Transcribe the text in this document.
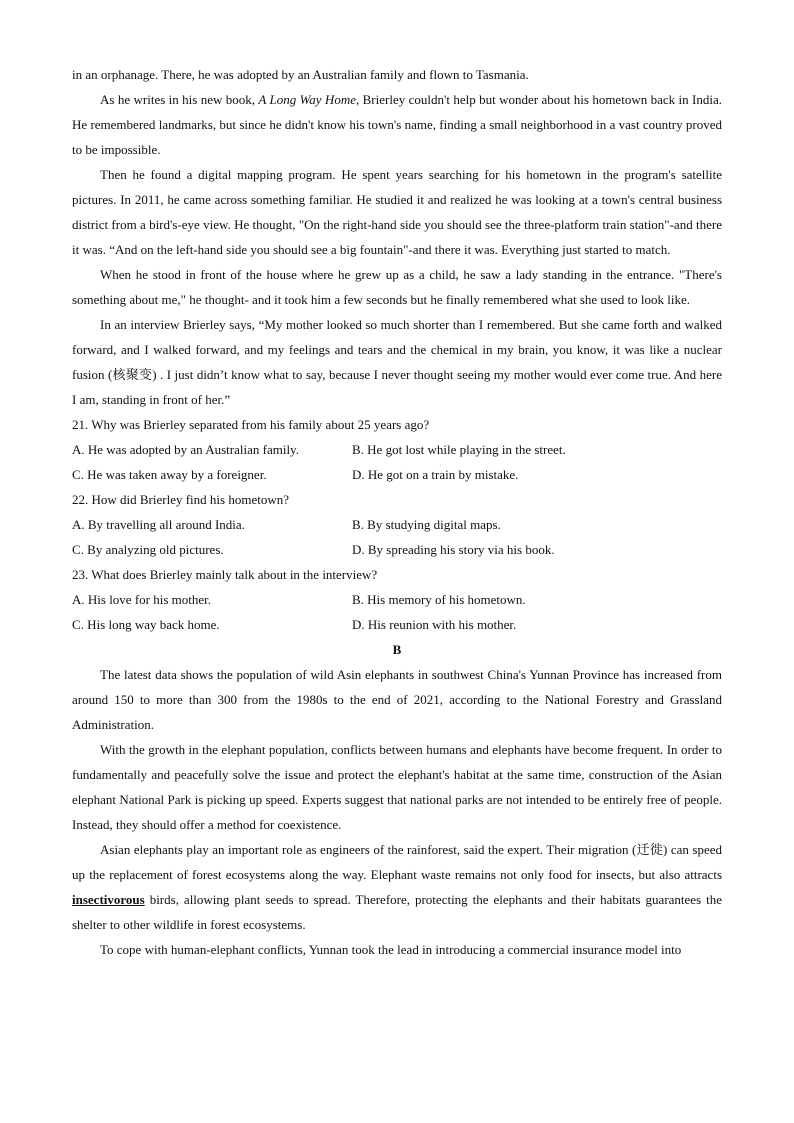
in an orphanage. There, he was adopted by an Australian family and flown to Tasmania.

As he writes in his new book, A Long Way Home, Brierley couldn't help but wonder about his hometown back in India. He remembered landmarks, but since he didn't know his town's name, finding a small neighborhood in a vast country proved to be impossible.

Then he found a digital mapping program. He spent years searching for his hometown in the program's satellite pictures. In 2011, he came across something familiar. He studied it and realized he was looking at a town's central business district from a bird's-eye view. He thought, "On the right-hand side you should see the three-platform train station"-and there it was. “And on the left-hand side you should see a big fountain"-and there it was. Everything just started to match.

When he stood in front of the house where he grew up as a child, he saw a lady standing in the entrance. "There's something about me," he thought- and it took him a few seconds but he finally remembered what she used to look like.

In an interview Brierley says, “My mother looked so much shorter than I remembered. But she came forth and walked forward, and I walked forward, and my feelings and tears and the chemical in my brain, you know, it was like a nuclear fusion (核聚变) . I just didn’t know what to say, because I never thought seeing my mother would ever come true. And here I am, standing in front of her.”

21. Why was Brierley separated from his family about 25 years ago?

A. He was adopted by an Australian family.	B. He got lost while playing in the street.
C. He was taken away by a foreigner.	D. He got on a train by mistake.

22. How did Brierley find his hometown?

A. By travelling all around India.	B. By studying digital maps.
C. By analyzing old pictures.	D. By spreading his story via his book.

23. What does Brierley mainly talk about in the interview?

A. His love for his mother.	B. His memory of his hometown.
C. His long way back home.	D. His reunion with his mother.
B

The latest data shows the population of wild Asin elephants in southwest China's Yunnan Province has increased from around 150 to more than 300 from the 1980s to the end of 2021, according to the National Forestry and Grassland Administration.

With the growth in the elephant population, conflicts between humans and elephants have become frequent. In order to fundamentally and peacefully solve the issue and protect the elephant's habitat at the same time, construction of the Asian elephant National Park is picking up speed. Experts suggest that national parks are not intended to be entirely free of people. Instead, they should offer a method for coexistence.

Asian elephants play an important role as engineers of the rainforest, said the expert. Their migration (迁徙) can speed up the replacement of forest ecosystems along the way. Elephant waste remains not only food for insects, but also attracts insectivorous birds, allowing plant seeds to spread. Therefore, protecting the elephants and their habitats guarantees the shelter to other wildlife in forest ecosystems.

To cope with human-elephant conflicts, Yunnan took the lead in introducing a commercial insurance model into
